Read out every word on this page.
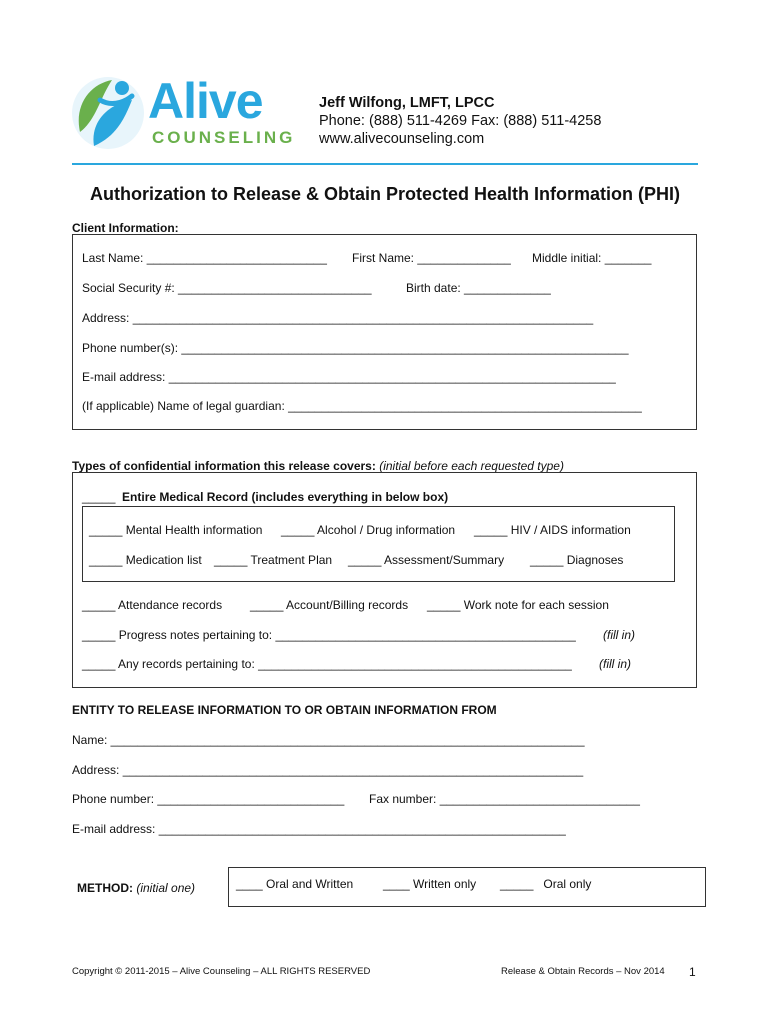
Alive
COUNSELING
Jeff Wilfong, LMFT, LPCC
Phone: (888) 511-4269 Fax: (888) 511-4258
www.alivecounseling.com
Authorization to Release & Obtain Protected Health Information (PHI)
Client Information:
Last Name: ___________________________ First Name: ______________ Middle initial: _______
Social Security #: _____________________________	Birth date: _____________
Address: _____________________________________________________________________
Phone number(s): ___________________________________________________________________
E-mail address: ___________________________________________________________________
(If applicable) Name of legal guardian: _____________________________________________________
Types of confidential information this release covers: (initial before each requested type)
_____ Entire Medical Record (includes everything in below box)
_____ Mental Health information _____ Alcohol / Drug information _____ HIV / AIDS information
_____ Medication list _____ Treatment Plan _____ Assessment/Summary _____ Diagnoses
_____ Attendance records _____ Account/Billing records _____ Work note for each session
_____ Progress notes pertaining to: _____________________________________________ (fill in)
_____ Any records pertaining to: _______________________________________________ (fill in)
ENTITY TO RELEASE INFORMATION TO OR OBTAIN INFORMATION FROM
Name: _______________________________________________________________________
Address: _____________________________________________________________________
Phone number: ____________________________ Fax number: ______________________________
E-mail address: _____________________________________________________________
METHOD: (initial one)	____ Oral and Written ____ Written only _____   Oral only
Copyright © 2011-2015 – Alive Counseling – ALL RIGHTS RESERVED	Release & Obtain Records – Nov 2014 1
